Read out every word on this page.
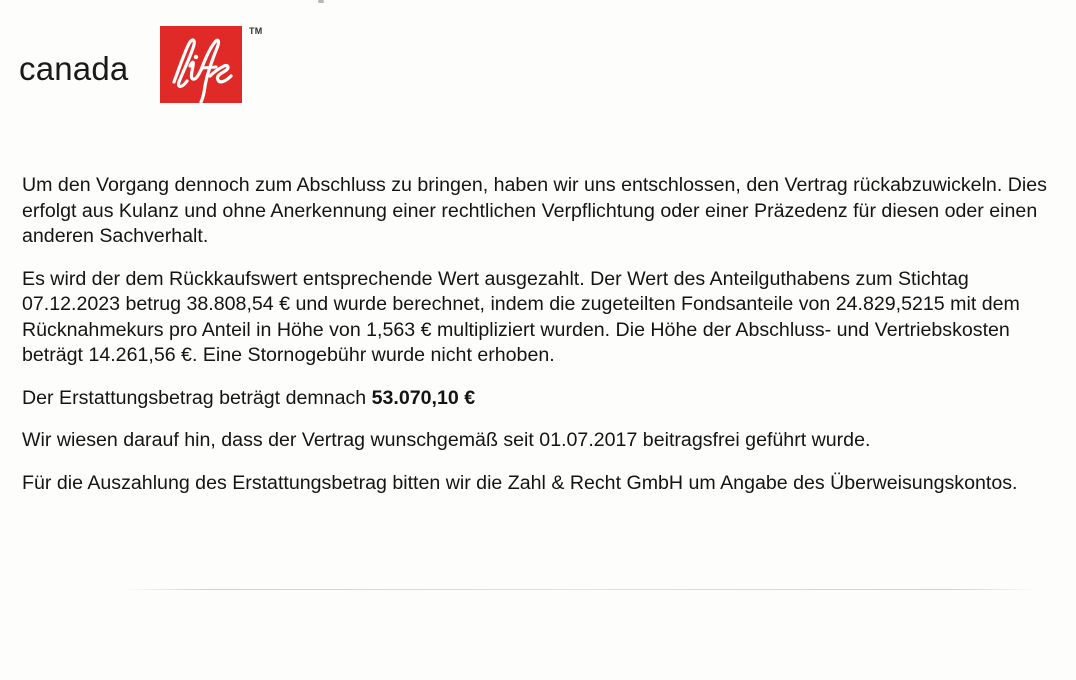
canada
TM

Um den Vorgang dennoch zum Abschluss zu bringen, haben wir uns entschlossen, den Vertrag rückabzuwickeln. Dies erfolgt aus Kulanz und ohne Anerkennung einer rechtlichen Verpflichtung oder einer Präzedenz für diesen oder einen anderen Sachverhalt.

Es wird der dem Rückkaufswert entsprechende Wert ausgezahlt. Der Wert des Anteilguthabens zum Stichtag 07.12.2023 betrug 38.808,54 € und wurde berechnet, indem die zugeteilten Fondsanteile von 24.829,5215 mit dem Rücknahmekurs pro Anteil in Höhe von 1,563 € multipliziert wurden. Die Höhe der Abschluss- und Vertriebskosten beträgt 14.261,56 €. Eine Stornogebühr wurde nicht erhoben.

Der Erstattungsbetrag beträgt demnach 53.070,10 €

Wir wiesen darauf hin, dass der Vertrag wunschgemäß seit 01.07.2017 beitragsfrei geführt wurde.

Für die Auszahlung des Erstattungsbetrag bitten wir die Zahl & Recht GmbH um Angabe des Überweisungskontos.
